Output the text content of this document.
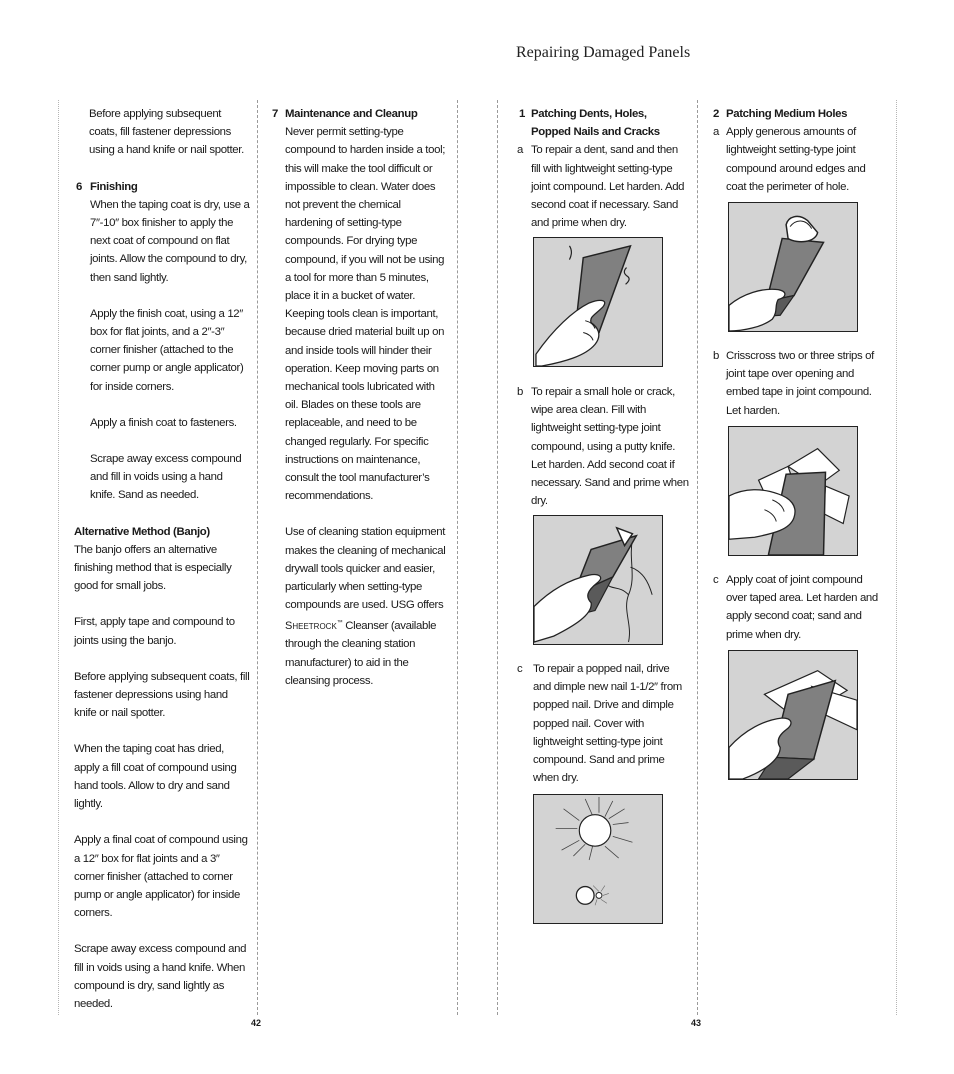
Repairing Damaged Panels

Before applying subsequent coats, fill fastener depressions using a hand knife or nail spotter.

6 Finishing

When the taping coat is dry, use a 7″-10″ box finisher to apply the next coat of compound on flat joints. Allow the compound to dry, then sand lightly.

Apply the finish coat, using a 12″ box for flat joints, and a 2″-3″ corner finisher (attached to the corner pump or angle applicator) for inside corners.

Apply a finish coat to fasteners.

Scrape away excess compound and fill in voids using a hand knife. Sand as needed.

Alternative Method (Banjo)

The banjo offers an alternative finishing method that is especially good for small jobs.

First, apply tape and compound to joints using the banjo.

Before applying subsequent coats, fill fastener depressions using hand knife or nail spotter.

When the taping coat has dried, apply a fill coat of compound using hand tools. Allow to dry and sand lightly.

Apply a final coat of compound using a 12″ box for flat joints and a 3″ corner finisher (attached to corner pump or angle applicator) for inside corners.

Scrape away excess compound and fill in voids using a hand knife. When compound is dry, sand lightly as needed.

7 Maintenance and Cleanup

Never permit setting-type compound to harden inside a tool; this will make the tool difficult or impossible to clean. Water does not prevent the chemical hardening of setting-type compounds. For drying type compound, if you will not be using a tool for more than 5 minutes, place it in a bucket of water. Keeping tools clean is important, because dried material built up on and inside tools will hinder their operation. Keep moving parts on mechanical tools lubricated with oil. Blades on these tools are replaceable, and need to be changed regularly. For specific instructions on maintenance, consult the tool manufacturer’s recommendations.

Use of cleaning station equipment makes the cleaning of mechanical drywall tools quicker and easier, particularly when setting-type compounds are used. USG offers Sheetrock™ Cleanser (available through the cleaning station manufacturer) to aid in the cleansing process.

1 Patching Dents, Holes, Popped Nails and Cracks

a To repair a dent, sand and then fill with lightweight setting-type joint compound. Let harden. Add second coat if necessary. Sand and prime when dry.

b To repair a small hole or crack, wipe area clean. Fill with lightweight setting-type joint compound, using a putty knife. Let harden. Add second coat if necessary. Sand and prime when dry.

c To repair a popped nail, drive and dimple new nail 1-1/2″ from popped nail. Drive and dimple popped nail. Cover with lightweight setting-type joint compound. Sand and prime when dry.

2 Patching Medium Holes

a Apply generous amounts of lightweight setting-type joint compound around edges and coat the perimeter of hole.

b Crisscross two or three strips of joint tape over opening and embed tape in joint compound. Let harden.

c Apply coat of joint compound over taped area. Let harden and apply second coat; sand and prime when dry.

42	43
